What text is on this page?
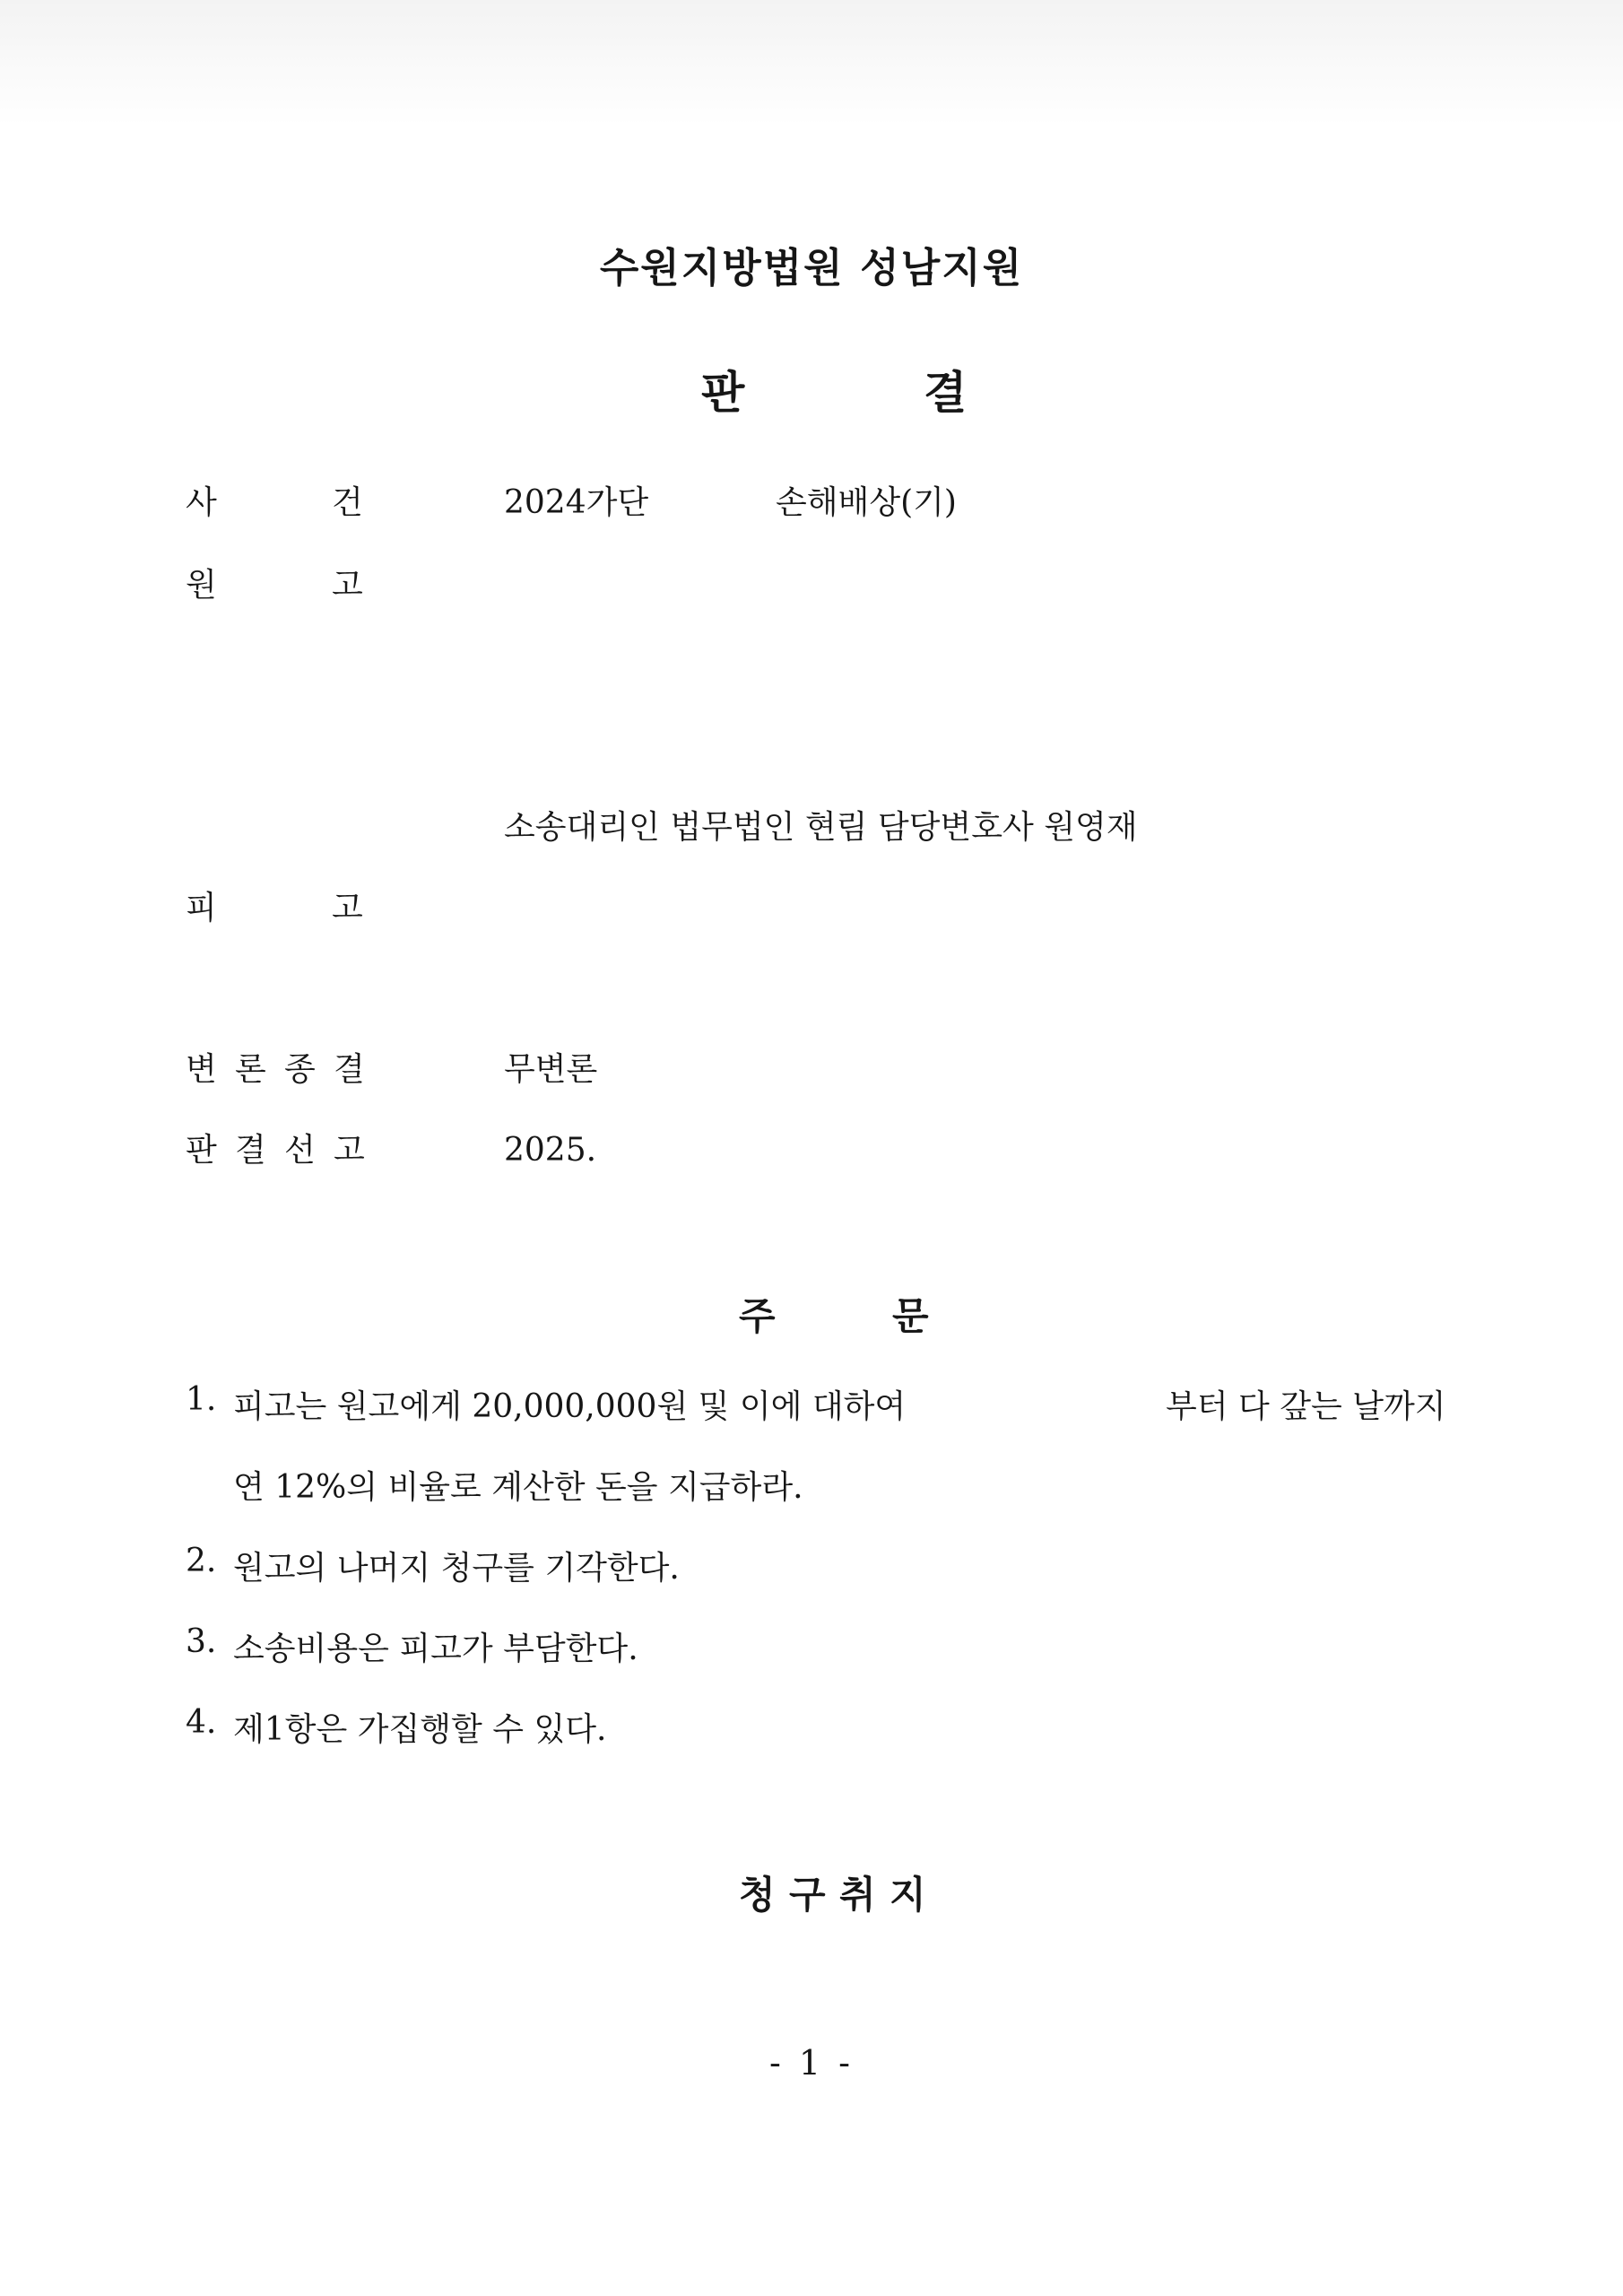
수원지방법원 성남지원
판	결
사	건	2024가단	손해배상(기)
원	고
소송대리인 법무법인 현림 담당변호사 원영재
피	고
변 론 종 결	무변론
판 결 선 고	2025.
주	문
1. 피고는 원고에게 20,000,000원 및 이에 대하여	부터 다 갚는 날까지
연 12%의 비율로 계산한 돈을 지급하라.
2. 원고의 나머지 청구를 기각한다.
3. 소송비용은 피고가 부담한다.
4. 제1항은 가집행할 수 있다.
청 구 취 지
- 1 -
